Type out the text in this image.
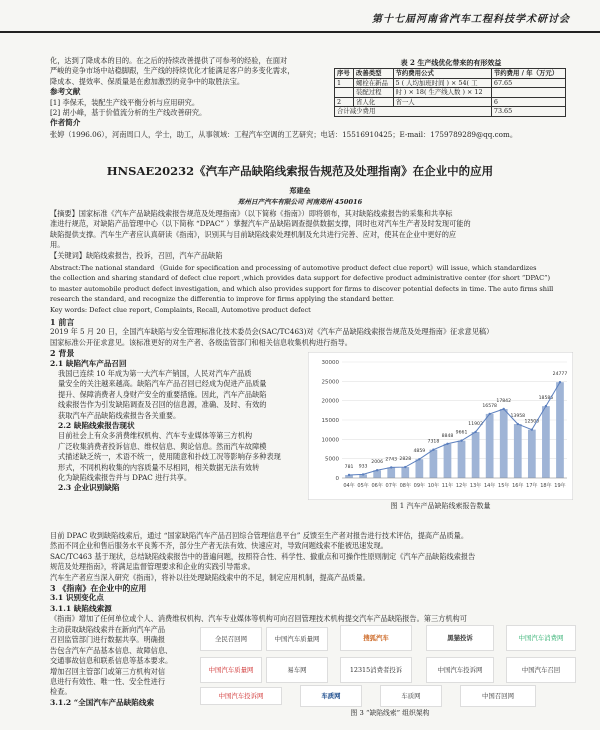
第十七届河南省汽车工程科技学术研讨会
化，达到了降成本的目的。在之后的持续改善提供了可参考的经验，在面对
严峻的竞争市场中站稳脚跟，生产线的持续优化才能满足客户的多变化需求，
降成本、提效率、保质量是在愈加激烈的竞争中的取胜法宝。
参考文献
[1] 李保禾，装配生产线平衡分析与应用研究。
[2] 胡小峰，基于价值流分析的生产线改善研究。
作者简介
张婷（1996.06），河南周口人，学士，助工，从事领域：工程汽车空调的工艺研究；电话：15516910425；E-mail：1759789289@qq.com。
表 2 生产线优化带来的有形效益
序号	改善类型	节约费用公式	节约费用 / 年（万元）
1	螺栓在新品	5 ( 人均加班时间 ) × 54( 工	67.65
	装配过程	时 ) × 18( 生产线人数 ) × 12	
2	省人化	省一人	6
合计减少费用			73.65
HNSAE20232《汽车产品缺陷线索报告规范及处理指南》在企业中的应用
郑建垒
郑州日产汽车有限公司 河南郑州 450016
【摘要】国家标准《汽车产品缺陷线索报告规范及处理指南》（以下简称《指南》）即将颁布，其对缺陷线索报告的采集和共享标
准进行规范，对缺陷产品管理中心（以下简称 “DPAC” ）掌握汽车产品缺陷调查提供数据支撑，同时也对汽车生产者及时发现可能的
缺陷提供支撑。汽车生产者应认真研读《指南》，识别其与目前缺陷线索处理机制及允共进行完善、应对，使其在企业中更好的应
用。
【关键词】缺陷线索报告，投诉，召回，汽车产品缺陷
Abstract:The national standard 《Guide for specification and processing of automotive product defect clue report》will issue, which standardizes
the collection and sharing standard of defect clue report ,which provides data support for defective product administrative center (for short “DPAC”)
to master automobile product defect investigation, and which also provides support for firms to discover potential defects in time. The auto firms shill
research the standard, and recognize the differentia to improve for firms applying the standard better.
Key words: Defect clue report, Complaints, Recall, Automotive product defect
1 前言
2019 年 5 月 20 日，全国汽车缺陷与安全管理标准化技术委员会(SAC/TC463)对《汽车产品缺陷线索报告规范及处理指南》征求意见稿）
国家标准公开征求意见。该标准更好的对生产者、各级监管部门和相关信息收集机构进行指导。
2 背景
2.1 缺陷汽车产品召回
我国已连续 10 年成为第一大汽车产销国，人民对汽车产品质
量安全的关注越来越高。缺陷汽车产品召回已经成为促进产品质量
提升、保障消费者人身财产安全的重要措施。因此，汽车产品缺陷
线索报告作为引发缺陷调查及召回的信息源，准确、及时、有效的
获取汽车产品缺陷线索报告各关重要。
2.2 缺陷线索报告现状
目前社会上有众多消费维权机构、汽车专业媒体等第三方机构
广泛收集消费者投诉信息、维权信息、舆论信息。然而汽车故障模
式描述缺乏统一，术语不统一，使用随意和扑歧工况等影响存多种表现
形式，不同机构收集的内容质量不尽相同，相关数据无法有效转
化为缺陷线索报告并与 DPAC 进行共享。
2.3 企业识别缺陷
0
5000
10000
15000
20000
25000
30000
781
04年
933
05年
2006
06年
2743
07年
2828
08年
4859
09年
7318
10年
8848
11年
9661
12年
11902
13年
16578
14年
17842
15年
13958
16年
12500
17年
18586
18年
24777
19年
图 1 汽车产品缺陷线索报告数量
目前 DPAC 收到缺陷线索后，通过 “国家缺陷汽车产品召回综合管理信息平台” 反馈至生产者对报告进行技术评估，提高产品质量。
然而不同企业和售后服务水平良莠不齐，部分生产者无法有效、快速应对，导致问题线索不能被迅速发现。
SAC/TC463 基于现状，总结缺陷线索报告中的普遍问题，按照符合性、科学性、撤重点和可操作性原则制定《汽车产品缺陷线索报告
规范及处理指南》，将满足监督管理要求和企业的实践引导需求。
汽车生产者应当深入研究《指南》，将补以往处理缺陷线索中的不足，制定应用机制，提高产品质量。
3 《指南》在企业中的应用
3.1 识别变化点
3.1.1 缺陷线索源
《指南》增加了任何单位或个人、消费维权机构、汽车专业媒体等机构可向召回管理技术机构提交汽车产品缺陷报告。第三方机构可
主动获取缺陷线索并在新向汽车产品
召回监管部门进行数据共享。明确报
告包含汽车产品基本信息、故障信息、
交通事故信息和联系信息等基本要求。
增加召回主管部门或第三方机构对信
息进行有效性、唯一性、安全性进行
检查。
3.1.2 “全国汽车产品缺陷线索
全民召回网	中国汽车质量网	搜狐汽车	黑猫投诉	中国汽车消费网
中国汽车质量网	易车网	12315消费者投诉	中国汽车投诉网	中国汽车召回
中国汽车投诉网	车质网	车质网	中国召回网
图 3 “缺陷线索” 组织架构
